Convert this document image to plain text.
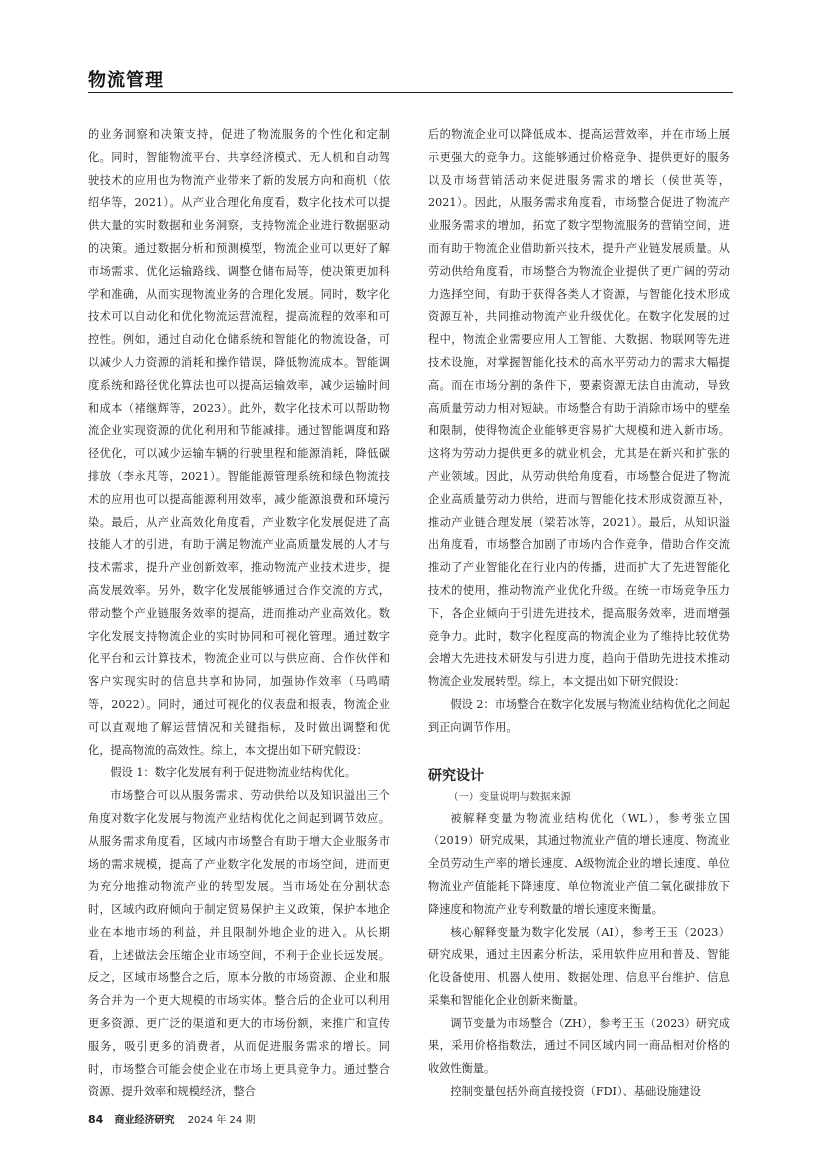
物流管理

的业务洞察和决策支持，促进了物流服务的个性化和定制化。同时，智能物流平台、共享经济模式、无人机和自动驾驶技术的应用也为物流产业带来了新的发展方向和商机（依绍华等，2021）。从产业合理化角度看，数字化技术可以提供大量的实时数据和业务洞察，支持物流企业进行数据驱动的决策。通过数据分析和预测模型，物流企业可以更好了解市场需求、优化运输路线、调整仓储布局等，使决策更加科学和准确，从而实现物流业务的合理化发展。同时，数字化技术可以自动化和优化物流运营流程，提高流程的效率和可控性。例如，通过自动化仓储系统和智能化的物流设备，可以减少人力资源的消耗和操作错误，降低物流成本。智能调度系统和路径优化算法也可以提高运输效率，减少运输时间和成本（褚继辉等，2023）。此外，数字化技术可以帮助物流企业实现资源的优化利用和节能减排。通过智能调度和路径优化，可以减少运输车辆的行驶里程和能源消耗，降低碳排放（李永芃等，2021）。智能能源管理系统和绿色物流技术的应用也可以提高能源利用效率，减少能源浪费和环境污染。最后，从产业高效化角度看，产业数字化发展促进了高技能人才的引进，有助于满足物流产业高质量发展的人才与技术需求，提升产业创新效率，推动物流产业技术进步，提高发展效率。另外，数字化发展能够通过合作交流的方式，带动整个产业链服务效率的提高，进而推动产业高效化。数字化发展支持物流企业的实时协同和可视化管理。通过数字化平台和云计算技术，物流企业可以与供应商、合作伙伴和客户实现实时的信息共享和协同，加强协作效率（马鸣晴等，2022）。同时，通过可视化的仪表盘和报表，物流企业可以直观地了解运营情况和关键指标，及时做出调整和优化，提高物流的高效性。综上，本文提出如下研究假设：

假设 1：数字化发展有利于促进物流业结构优化。

市场整合可以从服务需求、劳动供给以及知识溢出三个角度对数字化发展与物流产业结构优化之间起到调节效应。从服务需求角度看，区域内市场整合有助于增大企业服务市场的需求规模，提高了产业数字化发展的市场空间，进而更为充分地推动物流产业的转型发展。当市场处在分割状态时，区域内政府倾向于制定贸易保护主义政策，保护本地企业在本地市场的利益，并且限制外地企业的进入。从长期看，上述做法会压缩企业市场空间，不利于企业长远发展。反之，区域市场整合之后，原本分散的市场资源、企业和服务合并为一个更大规模的市场实体。整合后的企业可以利用更多资源、更广泛的渠道和更大的市场份额，来推广和宣传服务，吸引更多的消费者，从而促进服务需求的增长。同时，市场整合可能会使企业在市场上更具竞争力。通过整合资源、提升效率和规模经济，整合

后的物流企业可以降低成本、提高运营效率，并在市场上展示更强大的竞争力。这能够通过价格竞争、提供更好的服务以及市场营销活动来促进服务需求的增长（侯世英等，2021）。因此，从服务需求角度看，市场整合促进了物流产业服务需求的增加，拓宽了数字型物流服务的营销空间，进而有助于物流企业借助新兴技术，提升产业链发展质量。从劳动供给角度看，市场整合为物流企业提供了更广阔的劳动力选择空间，有助于获得各类人才资源，与智能化技术形成资源互补，共同推动物流产业升级优化。在数字化发展的过程中，物流企业需要应用人工智能、大数据、物联网等先进技术设施，对掌握智能化技术的高水平劳动力的需求大幅提高。而在市场分割的条件下，要素资源无法自由流动，导致高质量劳动力相对短缺。市场整合有助于消除市场中的壁垒和限制，使得物流企业能够更容易扩大规模和进入新市场。这将为劳动力提供更多的就业机会，尤其是在新兴和扩张的产业领域。因此，从劳动供给角度看，市场整合促进了物流企业高质量劳动力供给，进而与智能化技术形成资源互补，推动产业链合理发展（梁若冰等，2021）。最后，从知识溢出角度看，市场整合加剧了市场内合作竞争，借助合作交流推动了产业智能化在行业内的传播，进而扩大了先进智能化技术的使用，推动物流产业优化升级。在统一市场竞争压力下，各企业倾向于引进先进技术，提高服务效率，进而增强竞争力。此时，数字化程度高的物流企业为了维持比较优势会增大先进技术研发与引进力度，趋向于借助先进技术推动物流企业发展转型。综上，本文提出如下研究假设：

假设 2：市场整合在数字化发展与物流业结构优化之间起到正向调节作用。

研究设计
（一）变量说明与数据来源

被解释变量为物流业结构优化（WL），参考张立国（2019）研究成果，其通过物流业产值的增长速度、物流业全员劳动生产率的增长速度、A级物流企业的增长速度、单位物流业产值能耗下降速度、单位物流业产值二氧化碳排放下降速度和物流产业专利数量的增长速度来衡量。

核心解释变量为数字化发展（AI），参考王玉（2023）研究成果，通过主因素分析法，采用软件应用和普及、智能化设备使用、机器人使用、数据处理、信息平台维护、信息采集和智能化企业创新来衡量。

调节变量为市场整合（ZH），参考王玉（2023）研究成果，采用价格指数法，通过不同区域内同一商品相对价格的收敛性衡量。

控制变量包括外商直接投资（FDI）、基础设施建设

84 商业经济研究 2024 年 24 期
